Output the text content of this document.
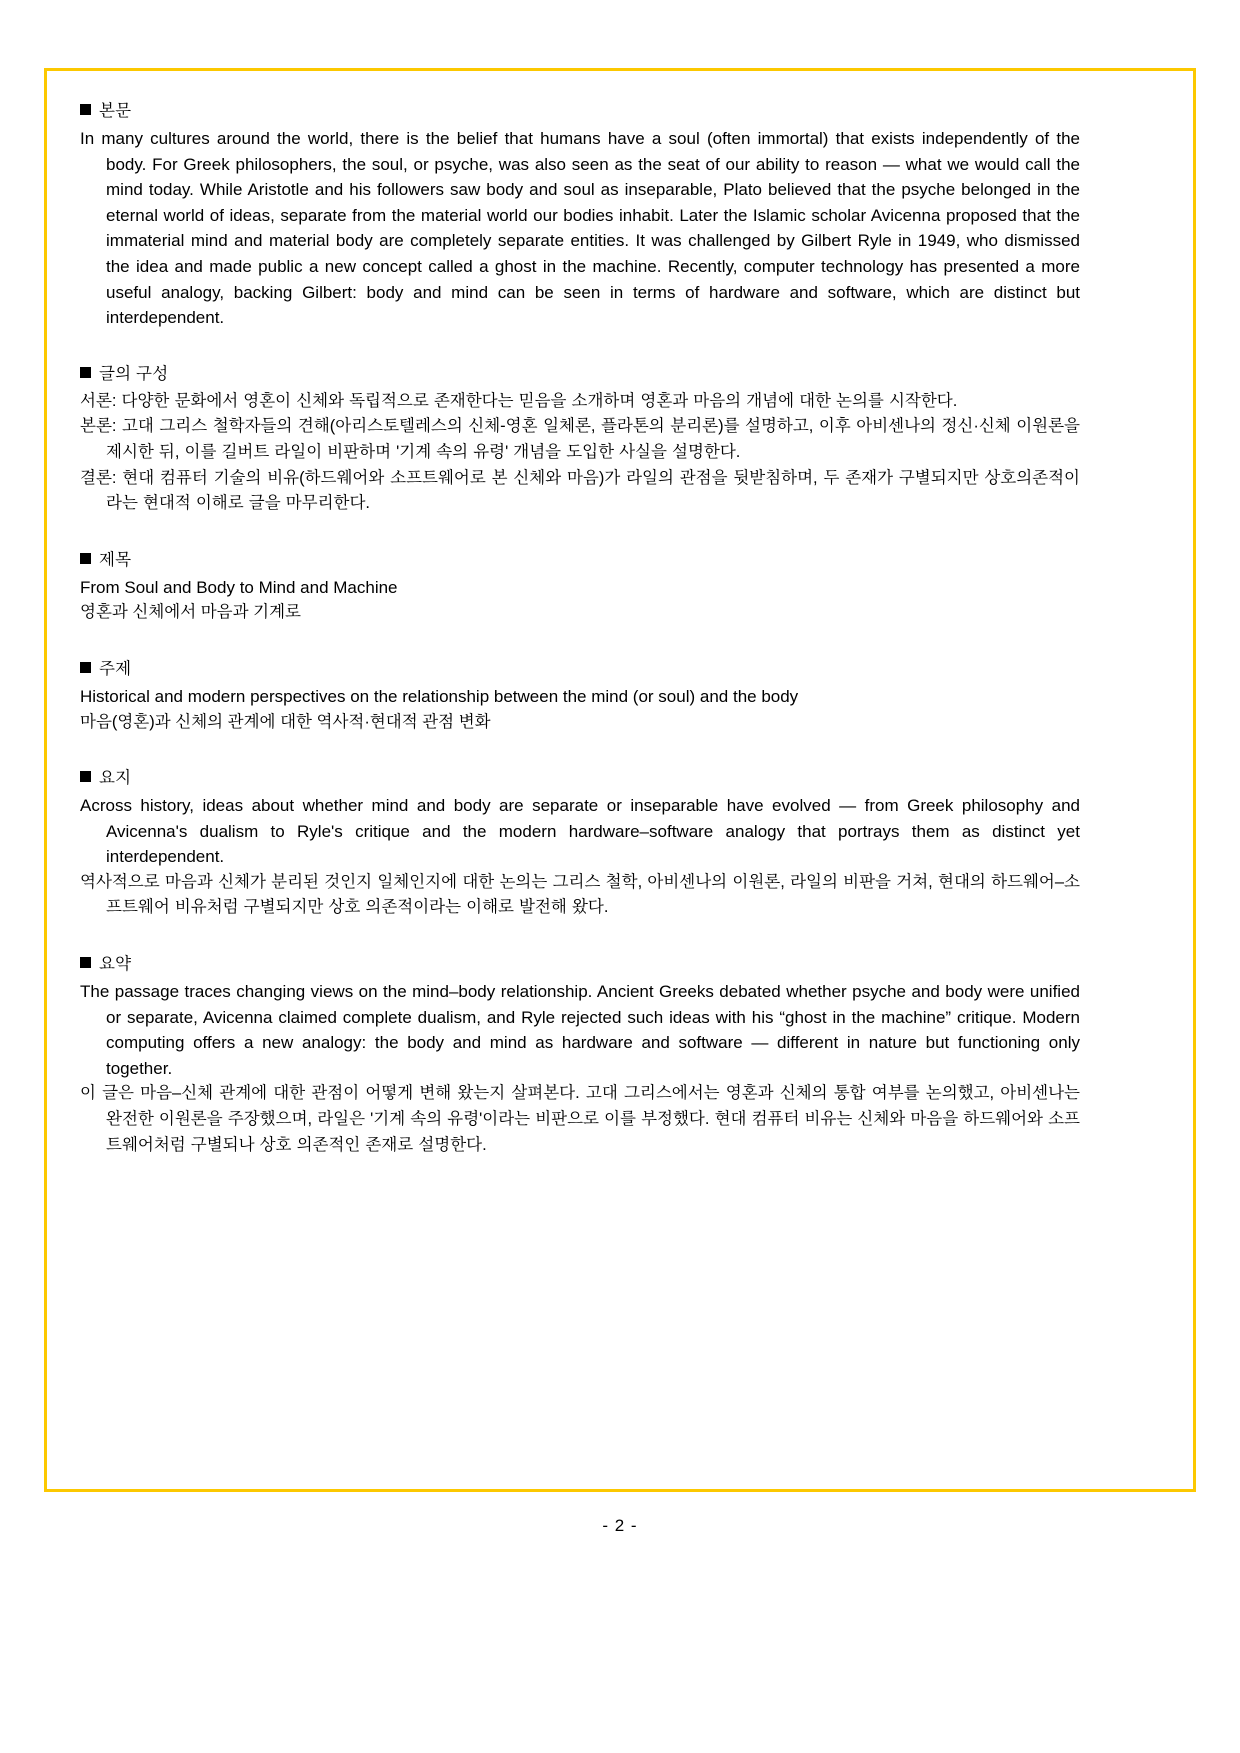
본문

In many cultures around the world, there is the belief that humans have a soul (often immortal) that exists independently of the body. For Greek philosophers, the soul, or psyche, was also seen as the seat of our ability to reason — what we would call the mind today. While Aristotle and his followers saw body and soul as inseparable, Plato believed that the psyche belonged in the eternal world of ideas, separate from the material world our bodies inhabit. Later the Islamic scholar Avicenna proposed that the immaterial mind and material body are completely separate entities. It was challenged by Gilbert Ryle in 1949, who dismissed the idea and made public a new concept called a ghost in the machine. Recently, computer technology has presented a more useful analogy, backing Gilbert: body and mind can be seen in terms of hardware and software, which are distinct but interdependent.

글의 구성

서론: 다양한 문화에서 영혼이 신체와 독립적으로 존재한다는 믿음을 소개하며 영혼과 마음의 개념에 대한 논의를 시작한다.

본론: 고대 그리스 철학자들의 견해(아리스토텔레스의 신체-영혼 일체론, 플라톤의 분리론)를 설명하고, 이후 아비센나의 정신·신체 이원론을 제시한 뒤, 이를 길버트 라일이 비판하며 '기계 속의 유령' 개념을 도입한 사실을 설명한다.

결론: 현대 컴퓨터 기술의 비유(하드웨어와 소프트웨어로 본 신체와 마음)가 라일의 관점을 뒷받침하며, 두 존재가 구별되지만 상호의존적이라는 현대적 이해로 글을 마무리한다.

제목

From Soul and Body to Mind and Machine

영혼과 신체에서 마음과 기계로

주제

Historical and modern perspectives on the relationship between the mind (or soul) and the body

마음(영혼)과 신체의 관계에 대한 역사적·현대적 관점 변화

요지

Across history, ideas about whether mind and body are separate or inseparable have evolved — from Greek philosophy and Avicenna's dualism to Ryle's critique and the modern hardware–software analogy that portrays them as distinct yet interdependent.

역사적으로 마음과 신체가 분리된 것인지 일체인지에 대한 논의는 그리스 철학, 아비센나의 이원론, 라일의 비판을 거쳐, 현대의 하드웨어–소프트웨어 비유처럼 구별되지만 상호 의존적이라는 이해로 발전해 왔다.

요약

The passage traces changing views on the mind–body relationship. Ancient Greeks debated whether psyche and body were unified or separate, Avicenna claimed complete dualism, and Ryle rejected such ideas with his “ghost in the machine” critique. Modern computing offers a new analogy: the body and mind as hardware and software — different in nature but functioning only together.

이 글은 마음–신체 관계에 대한 관점이 어떻게 변해 왔는지 살펴본다. 고대 그리스에서는 영혼과 신체의 통합 여부를 논의했고, 아비센나는 완전한 이원론을 주장했으며, 라일은 '기계 속의 유령'이라는 비판으로 이를 부정했다. 현대 컴퓨터 비유는 신체와 마음을 하드웨어와 소프트웨어처럼 구별되나 상호 의존적인 존재로 설명한다.

- 2 -
